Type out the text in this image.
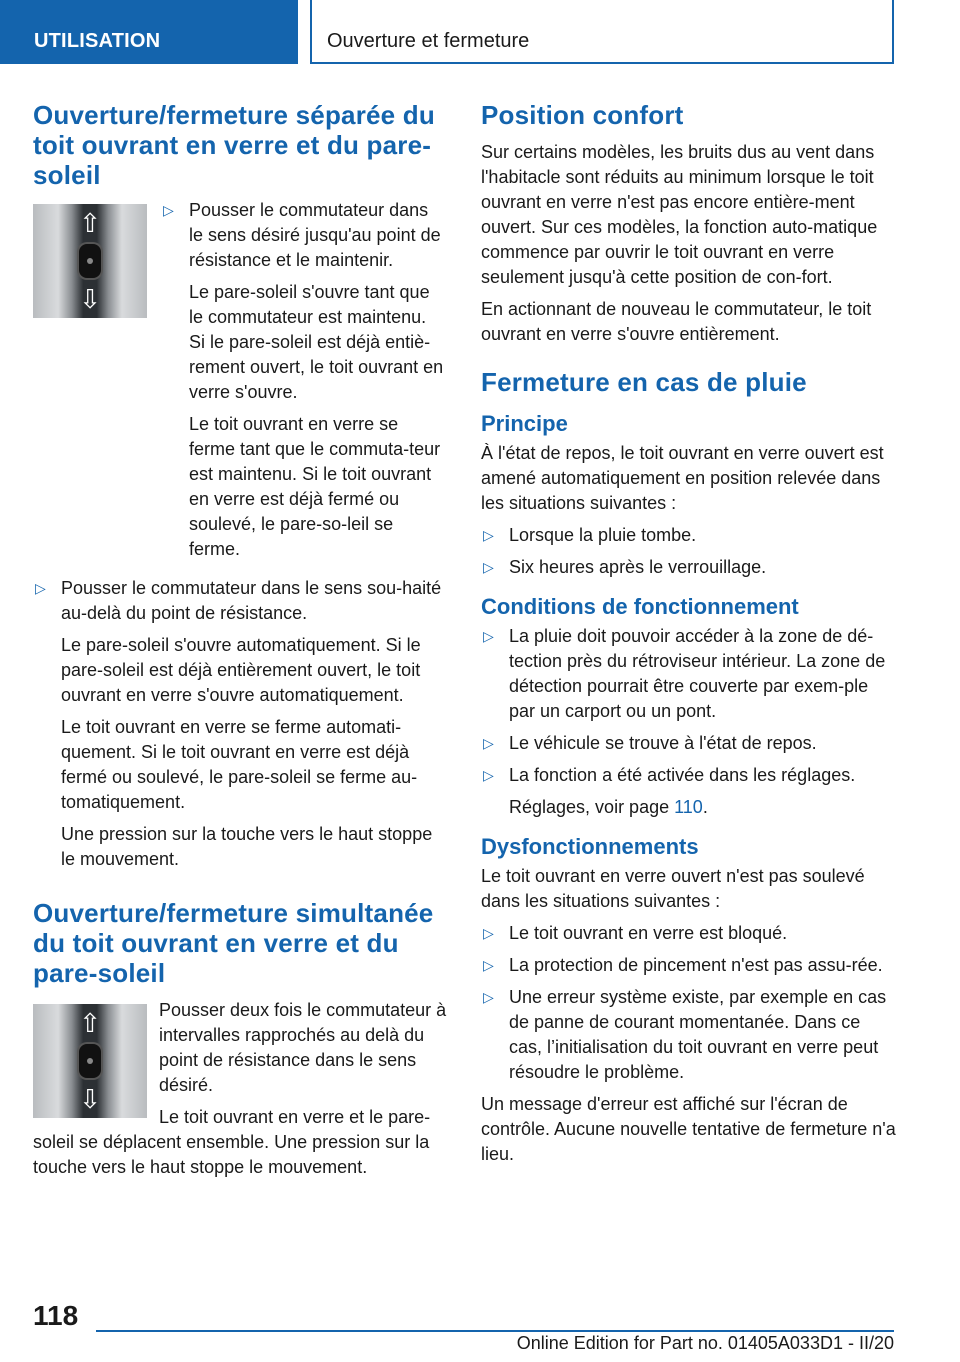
UTILISATION	Ouverture et fermeture
Ouverture/fermeture séparée du toit ouvrant en verre et du pare-soleil
⇧
⇩
▷ Pousser le commutateur dans le sens désiré jusqu'au point de résistance et le maintenir.

Le pare-soleil s'ouvre tant que le commutateur est maintenu. Si le pare-soleil est déjà entiè-rement ouvert, le toit ouvrant en verre s'ouvre.

Le toit ouvrant en verre se ferme tant que le commuta-teur est maintenu. Si le toit ouvrant en verre est déjà fermé ou soulevé, le pare-so-leil se ferme.

▷ Pousser le commutateur dans le sens sou-haité au-delà du point de résistance.

Le pare-soleil s'ouvre automatiquement. Si le pare-soleil est déjà entièrement ouvert, le toit ouvrant en verre s'ouvre automatiquement.

Le toit ouvrant en verre se ferme automati-quement. Si le toit ouvrant en verre est déjà fermé ou soulevé, le pare-soleil se ferme au-tomatiquement.

Une pression sur la touche vers le haut stoppe le mouvement.

Ouverture/fermeture simultanée du toit ouvrant en verre et du pare-soleil
⇧
⇩

Pousser deux fois le commutateur à intervalles rapprochés au delà du point de résistance dans le sens désiré.

Le toit ouvrant en verre et le pare-soleil se déplacent ensemble. Une pression sur la touche vers le haut stoppe le mouvement.

Position confort

Sur certains modèles, les bruits dus au vent dans l'habitacle sont réduits au minimum lorsque le toit ouvrant en verre n'est pas encore entière-ment ouvert. Sur ces modèles, la fonction auto-matique commence par ouvrir le toit ouvrant en verre seulement jusqu'à cette position de con-fort.

En actionnant de nouveau le commutateur, le toit ouvrant en verre s'ouvre entièrement.

Fermeture en cas de pluie
Principe

À l'état de repos, le toit ouvrant en verre ouvert est amené automatiquement en position relevée dans les situations suivantes :

▷ Lorsque la pluie tombe.
▷ Six heures après le verrouillage.
Conditions de fonctionnement
▷ La pluie doit pouvoir accéder à la zone de dé-tection près du rétroviseur intérieur. La zone de détection pourrait être couverte par exem-ple par un carport ou un pont.
▷ Le véhicule se trouve à l'état de repos.
▷ La fonction a été activée dans les réglages.

Réglages, voir page 110.

Dysfonctionnements

Le toit ouvrant en verre ouvert n'est pas soulevé dans les situations suivantes :

▷ Le toit ouvrant en verre est bloqué.
▷ La protection de pincement n'est pas assu-rée.
▷ Une erreur système existe, par exemple en cas de panne de courant momentanée. Dans ce cas, l’initialisation du toit ouvrant en verre peut résoudre le problème.

Un message d'erreur est affiché sur l'écran de contrôle. Aucune nouvelle tentative de fermeture n'a lieu.

118
Online Edition for Part no. 01405A033D1 - II/20
